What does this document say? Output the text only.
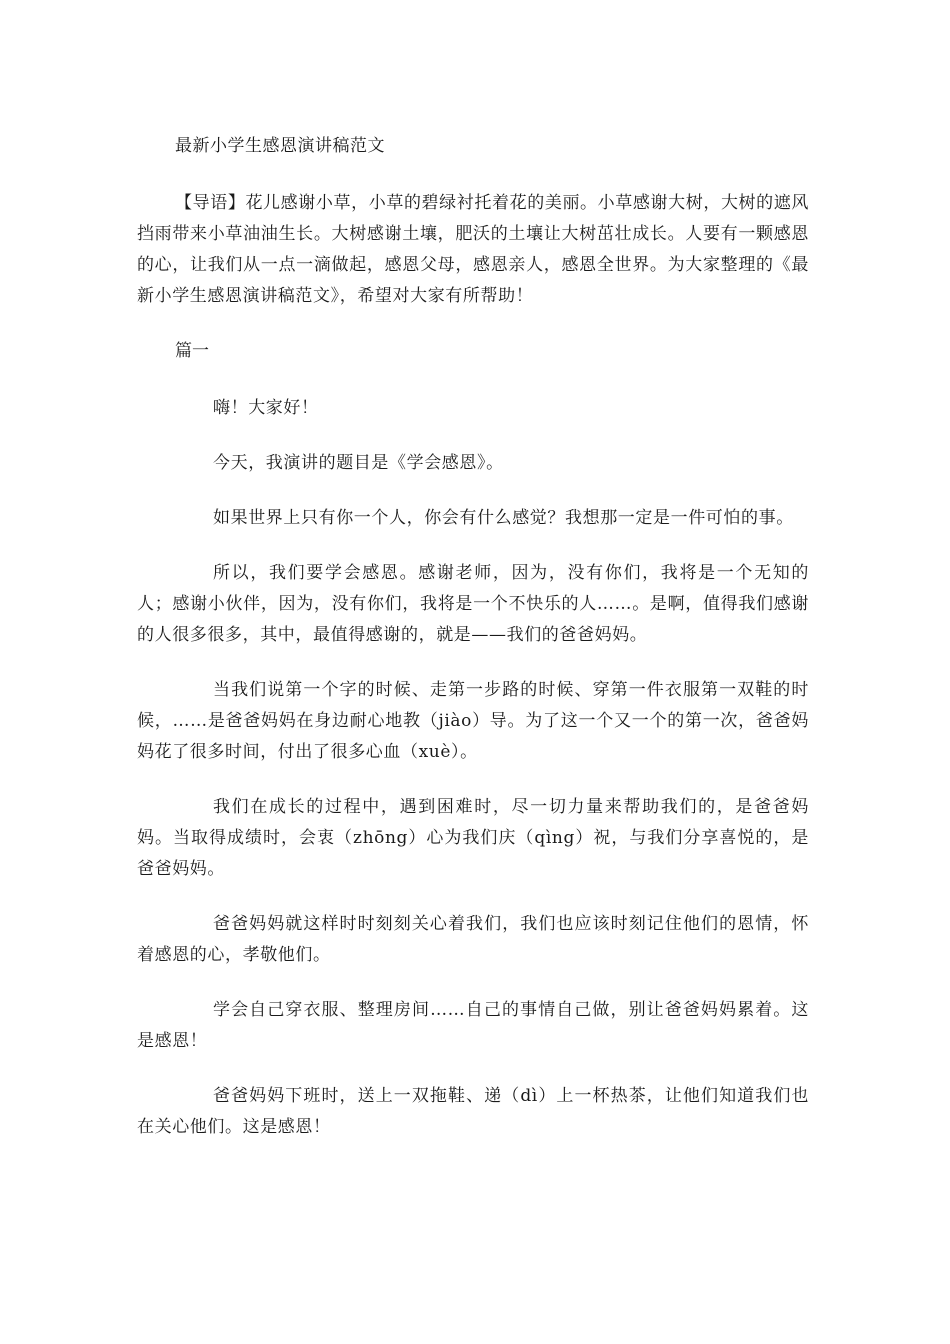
最新小学生感恩演讲稿范文

【导语】花儿感谢小草，小草的碧绿衬托着花的美丽。小草感谢大树，大树的遮风挡雨带来小草油油生长。大树感谢土壤，肥沃的土壤让大树茁壮成长。人要有一颗感恩的心，让我们从一点一滴做起，感恩父母，感恩亲人，感恩全世界。为大家整理的《最新小学生感恩演讲稿范文》，希望对大家有所帮助！

篇一

嗨！大家好！

今天，我演讲的题目是《学会感恩》。

如果世界上只有你一个人，你会有什么感觉？我想那一定是一件可怕的事。

所以，我们要学会感恩。感谢老师，因为，没有你们，我将是一个无知的人；感谢小伙伴，因为，没有你们，我将是一个不快乐的人……。是啊，值得我们感谢的人很多很多，其中，最值得感谢的，就是——我们的爸爸妈妈。

当我们说第一个字的时候、走第一步路的时候、穿第一件衣服第一双鞋的时候，……是爸爸妈妈在身边耐心地教（jiào）导。为了这一个又一个的第一次，爸爸妈妈花了很多时间，付出了很多心血（xuè）。

我们在成长的过程中，遇到困难时，尽一切力量来帮助我们的，是爸爸妈妈。当取得成绩时，会衷（zhōng）心为我们庆（qìng）祝，与我们分享喜悦的，是爸爸妈妈。

爸爸妈妈就这样时时刻刻关心着我们，我们也应该时刻记住他们的恩情，怀着感恩的心，孝敬他们。

学会自己穿衣服、整理房间……自己的事情自己做，别让爸爸妈妈累着。这是感恩！

爸爸妈妈下班时，送上一双拖鞋、递（dì）上一杯热茶，让他们知道我们也在关心他们。这是感恩！
